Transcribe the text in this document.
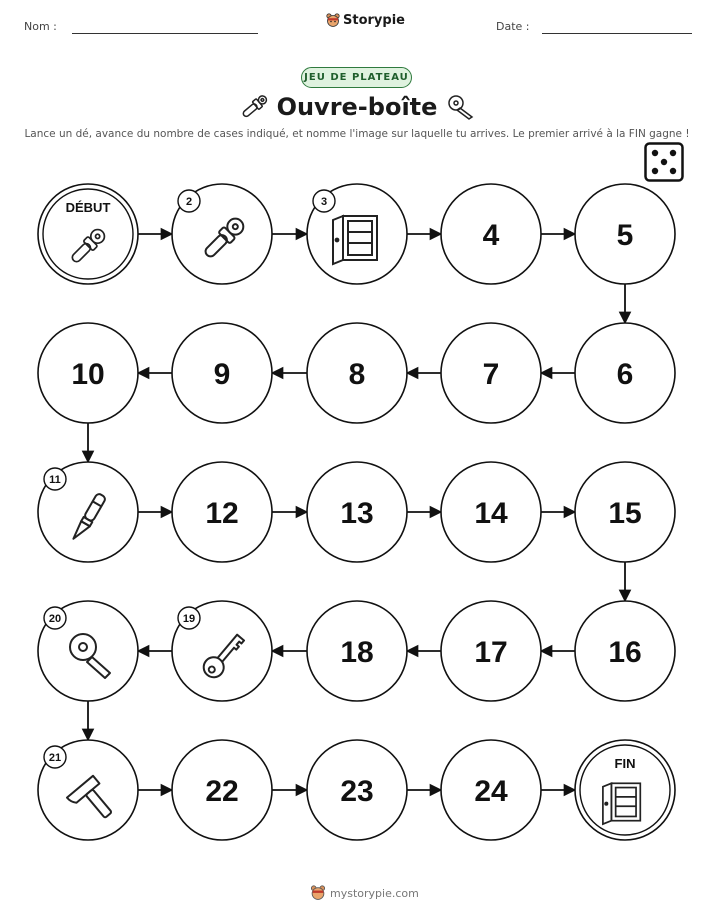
Nom :	Date :
Storypie
JEU DE PLATEAU
Ouvre-boîte
Lance un dé, avance du nombre de cases indiqué, et nomme l'image sur laquelle tu arrives. Le premier arrivé à la FIN gagne !
DÉBUT	2	3
4	5
6
7
8
9
10
11
12	13	14	15
16
17
18
19
20
21
22	23	24
FIN
mystorypie.com
